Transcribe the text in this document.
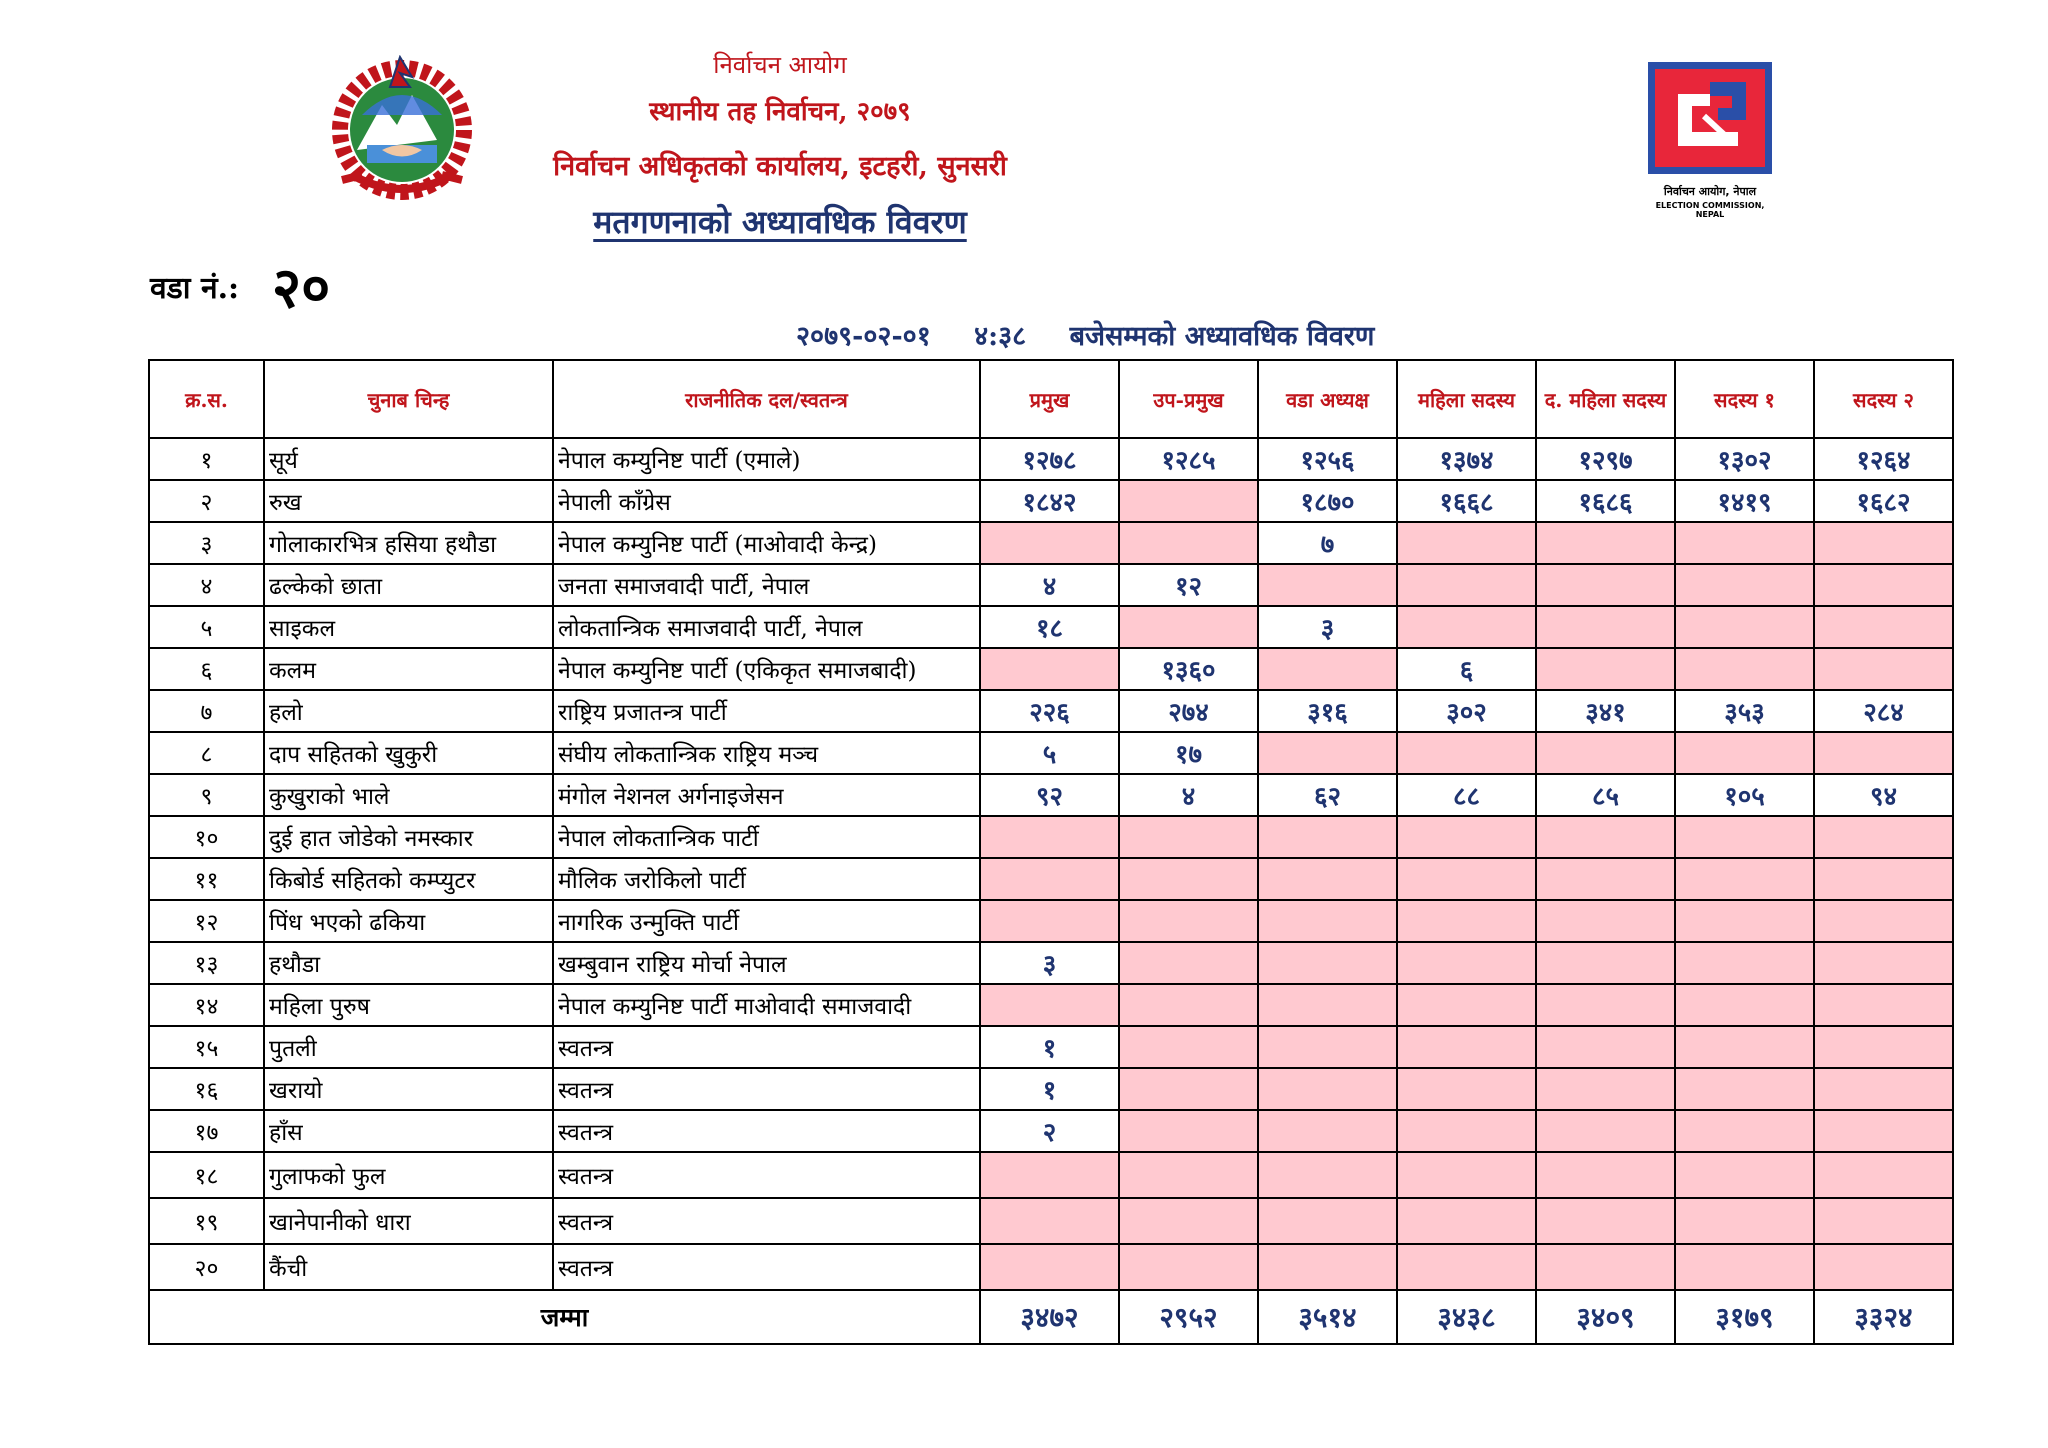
निर्वाचन आयोग
स्थानीय तह निर्वाचन, २०७९
निर्वाचन अधिकृतको कार्यालय, इटहरी, सुनसरी
मतगणनाको अध्यावधिक विवरण
निर्वाचन आयोग, नेपाल
ELECTION COMMISSION, NEPAL
वडा नं.: २०
२०७९-०२-०१ ४:३८ बजेसम्मको अध्यावधिक विवरण
क्र.स.	चुनाब चिन्ह	राजनीतिक दल/स्वतन्त्र	प्रमुख	उप-प्रमुख	वडा अध्यक्ष	महिला सदस्य	द. महिला सदस्य	सदस्य १	सदस्य २
१	सूर्य	नेपाल कम्युनिष्ट पार्टी (एमाले)	१२७८	१२८५	१२५६	१३७४	१२९७	१३०२	१२६४
२	रुख	नेपाली काँग्रेस	१८४२		१८७०	१६६८	१६८६	१४१९	१६८२
३	गोलाकारभित्र हसिया हथौडा	नेपाल कम्युनिष्ट पार्टी (माओवादी केन्द्र)			७				
४	ढल्केको छाता	जनता समाजवादी पार्टी, नेपाल	४	१२					
५	साइकल	लोकतान्त्रिक समाजवादी पार्टी, नेपाल	१८		३				
६	कलम	नेपाल कम्युनिष्ट पार्टी (एकिकृत समाजबादी)		१३६०		६			
७	हलो	राष्ट्रिय प्रजातन्त्र पार्टी	२२६	२७४	३१६	३०२	३४१	३५३	२८४
८	दाप सहितको खुकुरी	संघीय लोकतान्त्रिक राष्ट्रिय मञ्च	५	१७					
९	कुखुराको भाले	मंगोल नेशनल अर्गनाइजेसन	९२	४	६२	८८	८५	१०५	९४
१०	दुई हात जोडेको नमस्कार	नेपाल लोकतान्त्रिक पार्टी							
११	किबोर्ड सहितको कम्प्युटर	मौलिक जरोकिलो पार्टी							
१२	पिंध भएको ढकिया	नागरिक उन्मुक्ति पार्टी							
१३	हथौडा	खम्बुवान राष्ट्रिय मोर्चा नेपाल	३						
१४	महिला पुरुष	नेपाल कम्युनिष्ट पार्टी माओवादी समाजवादी							
१५	पुतली	स्वतन्त्र	१						
१६	खरायो	स्वतन्त्र	१						
१७	हाँस	स्वतन्त्र	२						
१८	गुलाफको फुल	स्वतन्त्र							
१९	खानेपानीको धारा	स्वतन्त्र							
२०	कैंची	स्वतन्त्र							
जम्मा			३४७२	२९५२	३५१४	३४३८	३४०९	३१७९	३३२४
